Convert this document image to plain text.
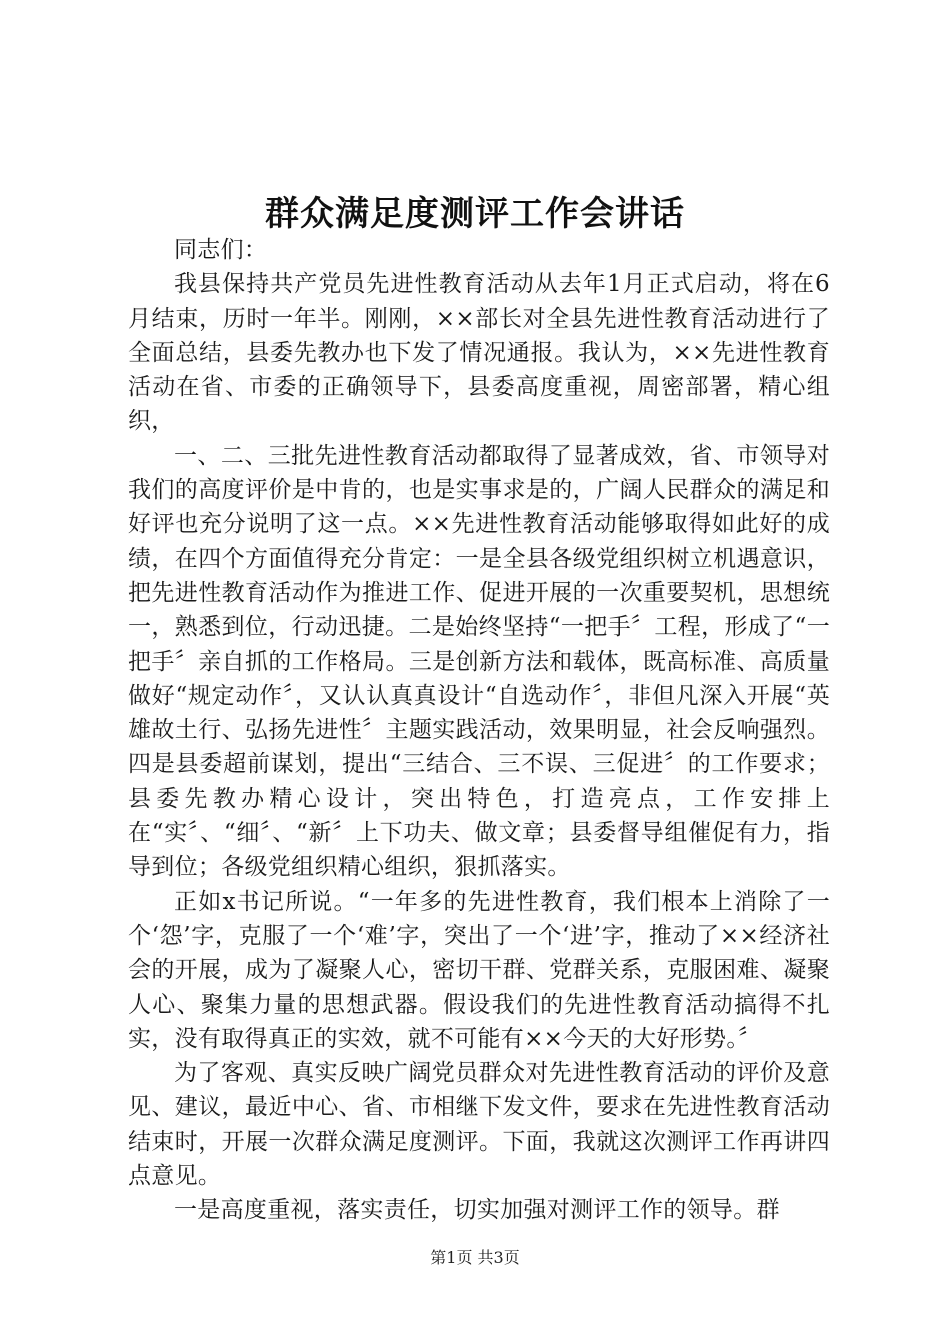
群众满足度测评工作会讲话

同志们：

我县保持共产党员先进性教育活动从去年1月正式启动，将在6月结束，历时一年半。刚刚，××部长对全县先进性教育活动进行了全面总结，县委先教办也下发了情况通报。我认为，××先进性教育活动在省、市委的正确领导下，县委高度重视，周密部署，精心组织，

一、二、三批先进性教育活动都取得了显著成效，省、市领导对我们的高度评价是中肯的，也是实事求是的，广阔人民群众的满足和好评也充分说明了这一点。××先进性教育活动能够取得如此好的成绩，在四个方面值得充分肯定：一是全县各级党组织树立机遇意识，把先进性教育活动作为推进工作、促进开展的一次重要契机，思想统一，熟悉到位，行动迅捷。二是始终坚持“一把手〞工程，形成了“一把手〞亲自抓的工作格局。三是创新方法和载体，既高标准、高质量做好“规定动作〞，又认认真真设计“自选动作〞，非但凡深入开展“英雄故土行、弘扬先进性〞主题实践活动，效果明显，社会反响强烈。四是县委超前谋划，提出“三结合、三不误、三促进〞的工作要求；县委先教办精心设计，突出特色，打造亮点，工作安排上在“实〞、“细〞、“新〞上下功夫、做文章；县委督导组催促有力，指导到位；各级党组织精心组织，狠抓落实。

正如x书记所说。“一年多的先进性教育，我们根本上消除了一个‘怨’字，克服了一个‘难’字，突出了一个‘进’字，推动了××经济社会的开展，成为了凝聚人心，密切干群、党群关系，克服困难、凝聚人心、聚集力量的思想武器。假设我们的先进性教育活动搞得不扎实，没有取得真正的实效，就不可能有××今天的大好形势。〞

为了客观、真实反映广阔党员群众对先进性教育活动的评价及意见、建议，最近中心、省、市相继下发文件，要求在先进性教育活动结束时，开展一次群众满足度测评。下面，我就这次测评工作再讲四点意见。

一是高度重视，落实责任，切实加强对测评工作的领导。群

第1页 共3页
